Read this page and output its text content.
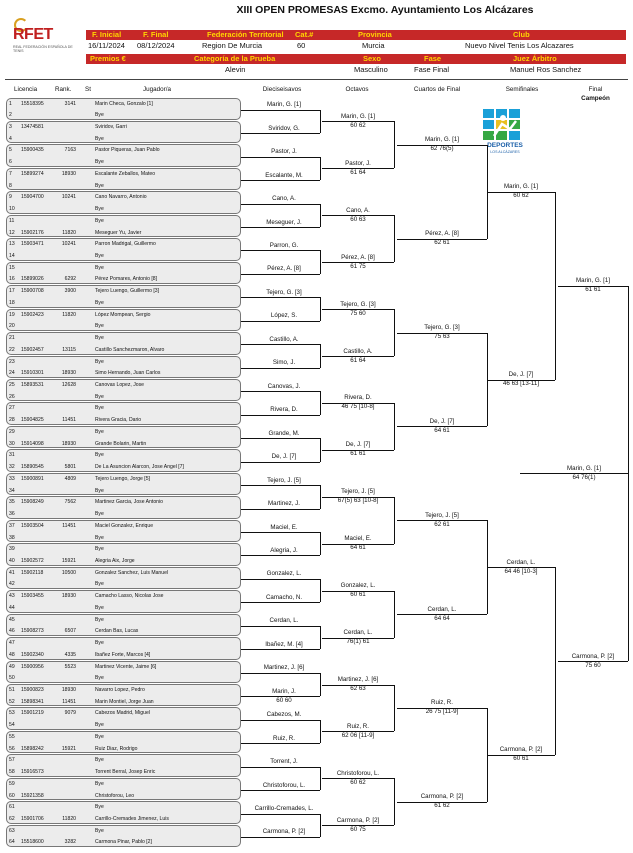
XIII OPEN PROMESAS Excmo. Ayuntamiento Los Alcázares
RFET
REAL FEDERACIÓN ESPAÑOLA DE TENIS
F. Inicial	F. Final	Federación Territorial Cat.#	Provincia	Club
16/11/2024 08/12/2024	Region De Murcia	60	Murcia	Nuevo Nivel Tenis Los Alcazares
Premios €	Categoría de la Prueba	Sexo	Fase	Juez Árbitro
Alevin	Masculino	Fase Final	Manuel Ros Sanchez
Licencia	Rank. St	Jugador/a	Dieciseisavos	Octavos	Cuartos de Final	Semifinales	Final
Campeón
DEPORTES
LOS ALCÁZARES
1 15518395	3141	Marin Checa, Gonzalo [1]
2	Bye
3 13474581	Sviridov, Garri
4	Bye
5 15900435	7163	Pastor Piqueras, Juan Pablo
6	Bye
7 15899274	18930	Escalante Zeballos, Mateo
8	Bye
9 15904700	10241	Cano Navarro, Antonio
10	Bye
11	Bye
12 15902176	11820	Meseguer Yu, Javier
13 15903471	10241	Parron Madrigal, Guillermo
14	Bye
15	Bye
16 15899026	6292	Pérez Pomares, Antonio [8]
17 15900708	3900	Tejero Luengo, Guillermo [3]
18	Bye
19 15902423	11820	López Mompean, Sergio
20	Bye
21	Bye
22 15902457	13115	Castillo Sanchezmaron, Alvaro
23	Bye
24 15910301	18930	Simo Hernando, Juan Carlos
25 15893531	12628	Canovas Lopez, Jose
26	Bye
27	Bye
28 15904825	11451	Rivera Gracia, Dario
29	Bye
30 15914098	18930	Grande Bolarin, Martin
31	Bye
32 15890545	5801	De La Asuncion Alarcon, Jose Angel [7]
33 15900891	4809	Tejero Luengo, Jorge [5]
34	Bye
35 15908249	7562	Martinez Garcia, Jose Antonio
36	Bye
37 15903504	11451	Maciel Gonzalez, Enrique
38	Bye
39	Bye
40 15902572	15921	Alegria Aix, Jorge
41 15902118	10500	Gonzalez Sanchez, Luis Manuel
42	Bye
43 15903455	18930	Camacho Lasso, Nicolas Jose
44	Bye
45	Bye
46 15908273	6507	Cerdan Bas, Lucas
47	Bye
48 15902340	4335	Ibañez Forte, Marcos [4]
49 15900956	5523	Martinez Vicente, Jaime [6]
50	Bye
51 15900823	18930	Navarro Lopez, Pedro
52 15898341	11451	Marin Montiel, Jorge Juan
53 15901219	9079	Cabezos Madrid, Miguel
54	Bye
55	Bye
56 15898242	15921	Ruiz Diaz, Rodrigo
57	Bye
58 15916573	Torrent Berral, Josep Enric
59	Bye
60 15921358	Christoforou, Leo
61	Bye
62 15901706	11820	Carrillo-Cremades Jimenez, Luis
63	Bye
64 15518600	3282	Carmona Pinar, Pablo [2]
Marin, G. [1]
Sviridov, G.
Pastor, J.
Escalante, M.
Cano, A.
Meseguer, J.
Parron, G.
Pérez, A. [8]
Tejero, G. [3]
López, S.
Castillo, A.
Simo, J.
Canovas, J.
Rivera, D.
Grande, M.
De, J. [7]
Tejero, J. [5]
Martinez, J.
Maciel, E.
Alegria, J.
Gonzalez, L.
Camacho, N.
Cerdan, L.
Ibañez, M. [4]
Martinez, J. [6]
Marin, J.
60 60
Cabezos, M.
Ruiz, R.
Torrent, J.
Christoforou, L.
Carrillo-Cremades, L.
Carmona, P. [2]
Marin, G. [1]
60 62
Pastor, J.
61 64
Cano, A.
60 63
Pérez, A. [8]
61 75
Tejero, G. [3]
75 60
Castillo, A.
61 64
Rivera, D.
46 75 [10-8]
De, J. [7]
61 61
Tejero, J. [5]
67(5) 63 [10-8]
Maciel, E.
64 61
Gonzalez, L.
60 61
Cerdan, L.
76(1) 61
Martinez, J. [6]
62 63
Ruiz, R.
62 06 [11-9]
Christoforou, L.
60 62
Carmona, P. [2]
60 75
Marin, G. [1]
62 76(5)
Pérez, A. [8]
62 61
Tejero, G. [3]
75 63
De, J. [7]
64 61
Tejero, J. [5]
62 61
Cerdan, L.
64 64
Ruiz, R.
26 75 [11-9]
Carmona, P. [2]
61 62
Marin, G. [1]
60 62
De, J. [7]
46 63 [13-11]
Cerdan, L.
64 46 [10-3]
Carmona, P. [2]
60 61
Marin, G. [1]
61 61
Carmona, P. [2]
75 60
Marin, G. [1]
64 76(1)
